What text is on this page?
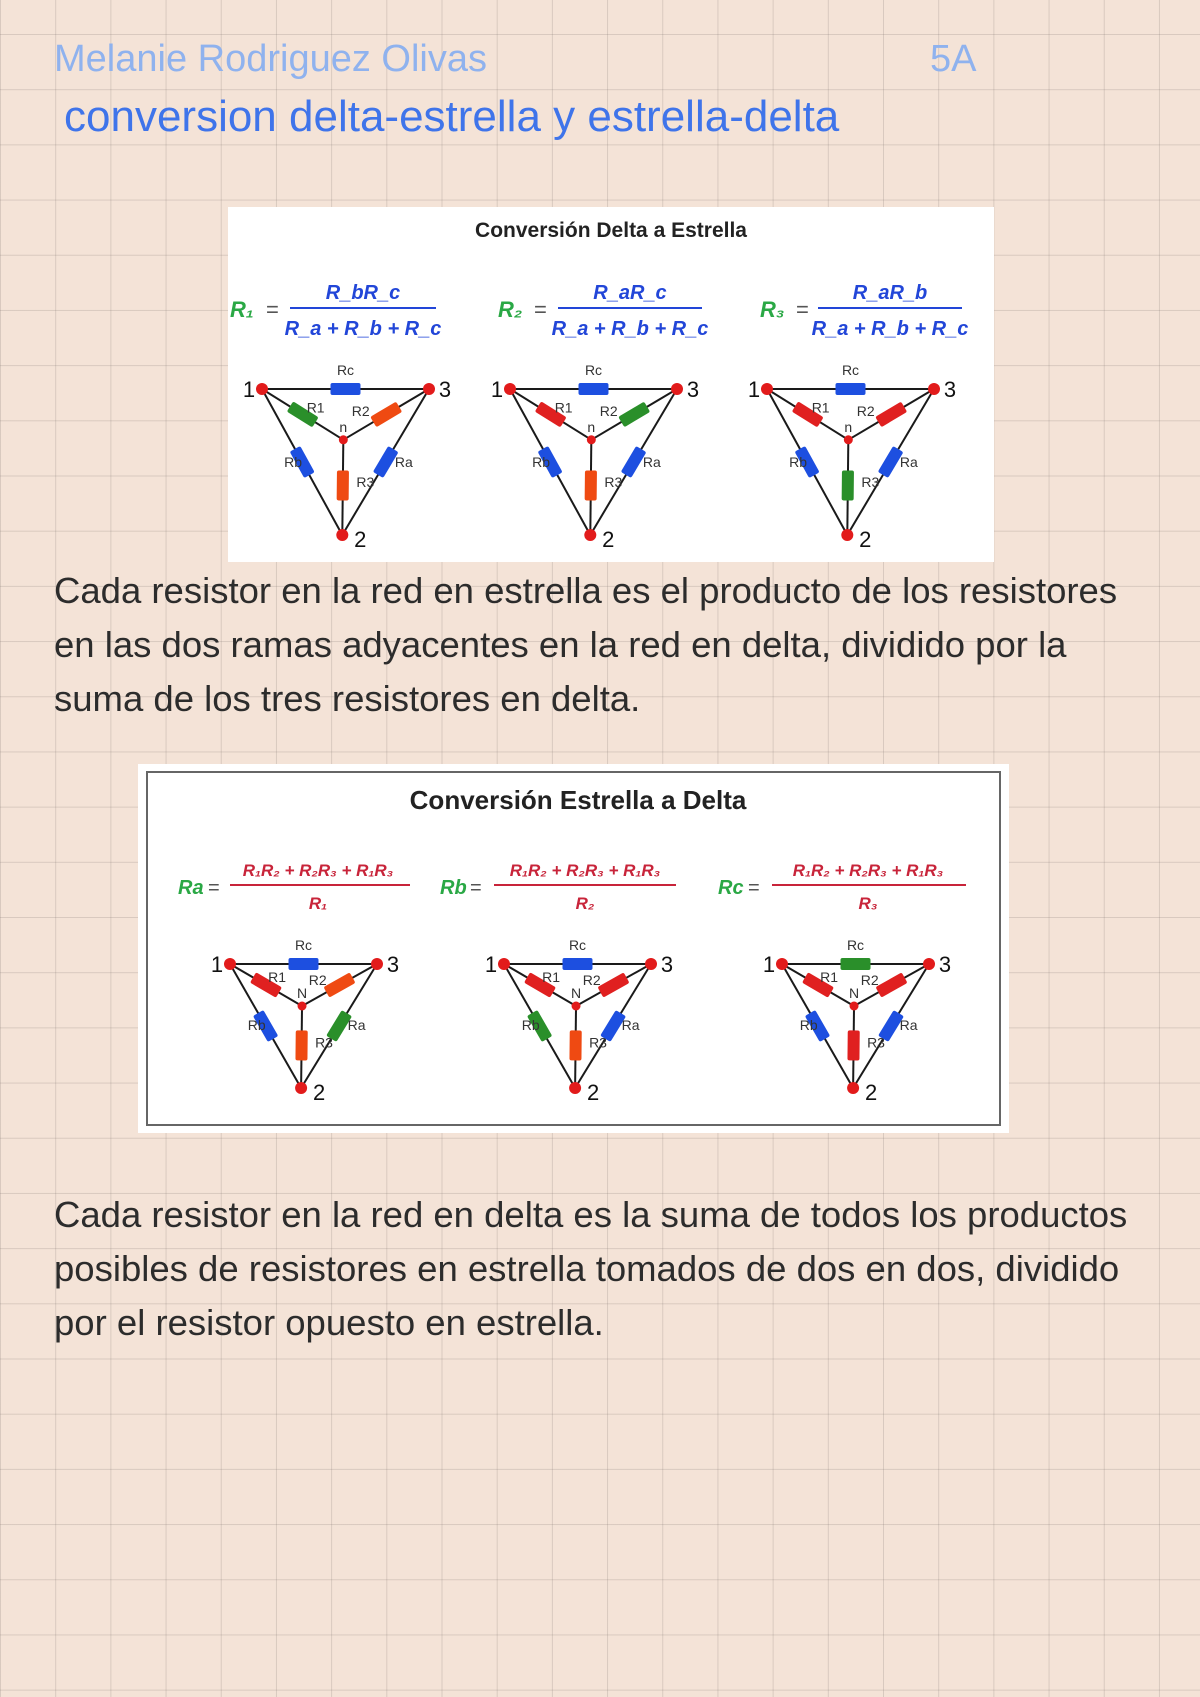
Melanie Rodriguez Olivas	5A
conversion delta-estrella y estrella-delta
Conversión Delta a Estrella
R₁ =
R_bR_c
R_a + R_b + R_c
R₂ =
R_aR_c
R_a + R_b + R_c
R₃ =
R_aR_b
R_a + R_b + R_c
1	3
2
Rc
Rb	Ra
R1 R2
R3
n
1	3
2
Rc
Rb	Ra
R1 R2
R3
n
1	3
2
Rc
Rb	Ra
R1 R2
R3
n
Cada resistor en la red en estrella es el producto de los resistores en las dos ramas adyacentes en la red en delta, dividido por la suma de los tres resistores en delta.
Conversión Estrella a Delta
Ra =
R₁R₂ + R₂R₃ + R₁R₃
R₁
Rb =
R₁R₂ + R₂R₃ + R₁R₃
R₂
Rc =
R₁R₂ + R₂R₃ + R₁R₃
R₃
1	3
2
Rc
Rb	Ra
R1 R2
R3
N
1	3
2
Rc
Rb	Ra
R1 R2
R3
N
1	3
2
Rc
Rb	Ra
R1 R2
R3
N
Cada resistor en la red en delta es la suma de todos los productos posibles de resistores en estrella tomados de dos en dos, dividido por el resistor opuesto en estrella.
